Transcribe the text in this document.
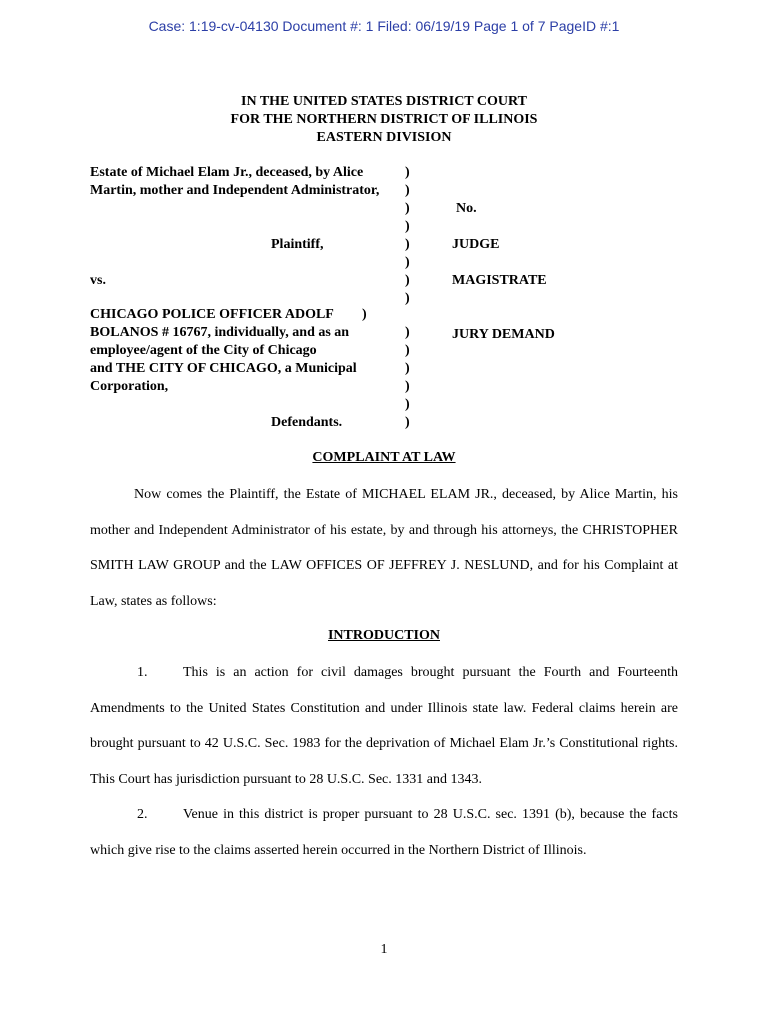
Case: 1:19-cv-04130 Document #: 1 Filed: 06/19/19 Page 1 of 7 PageID #:1
IN THE UNITED STATES DISTRICT COURT
FOR THE NORTHERN DISTRICT OF ILLINOIS
EASTERN DIVISION
Estate of Michael Elam Jr., deceased, by Alice
Martin, mother and Independent Administrator,
Plaintiff,
vs.
CHICAGO POLICE OFFICER ADOLF
BOLANOS # 16767, individually, and as an
employee/agent of the City of Chicago
and THE CITY OF CHICAGO, a Municipal
Corporation,
Defendants.
)
)
)
)
)
)
)
)
)
)
)
)
)
)
)
No.
JUDGE
MAGISTRATE
JURY DEMAND
COMPLAINT AT LAW

Now comes the Plaintiff, the Estate of MICHAEL ELAM JR., deceased, by Alice Martin, his mother and Independent Administrator of his estate, by and through his attorneys, the CHRISTOPHER SMITH LAW GROUP and the LAW OFFICES OF JEFFREY J. NESLUND, and for his Complaint at Law, states as follows:

INTRODUCTION

1.	This is an action for civil damages brought pursuant the Fourth and Fourteenth Amendments to the United States Constitution and under Illinois state law. Federal claims herein are brought pursuant to 42 U.S.C. Sec. 1983 for the deprivation of Michael Elam Jr.’s Constitutional rights. This Court has jurisdiction pursuant to 28 U.S.C. Sec. 1331 and 1343.

2.	Venue in this district is proper pursuant to 28 U.S.C. sec. 1391 (b), because the facts which give rise to the claims asserted herein occurred in the Northern District of Illinois.

1
